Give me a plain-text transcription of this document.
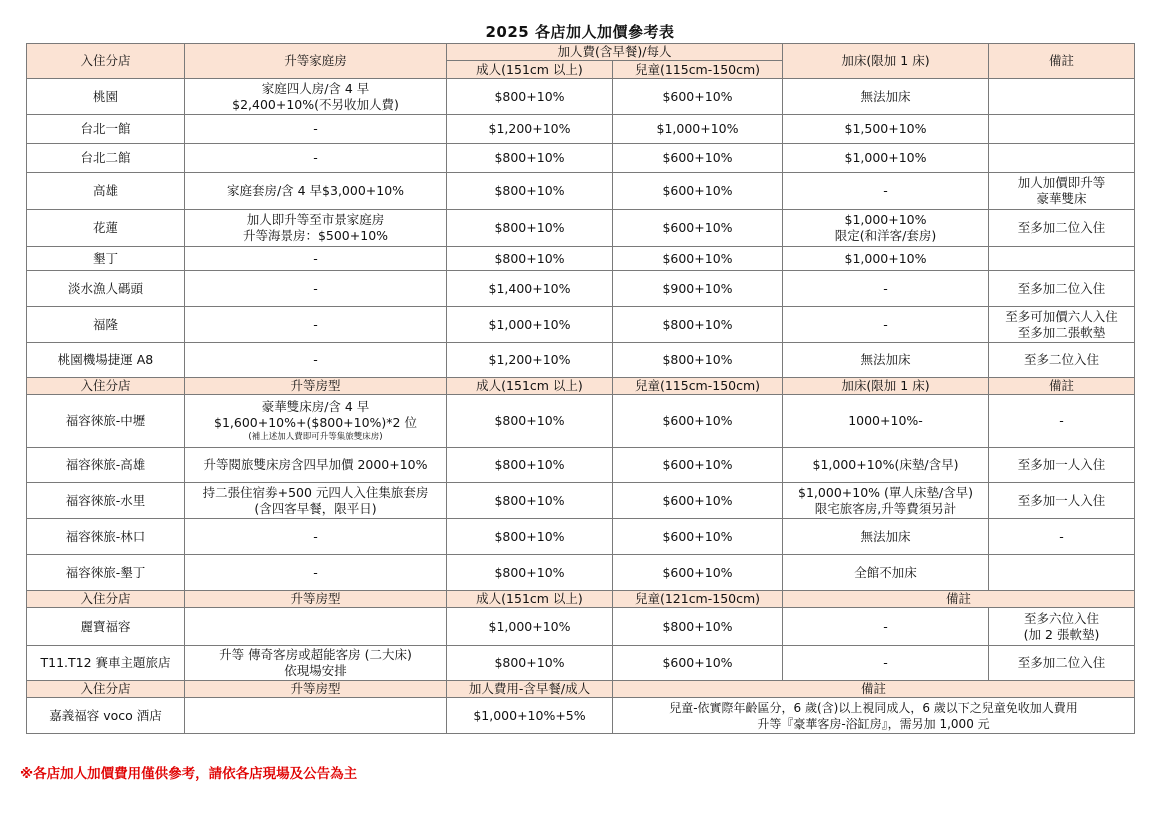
2025 各店加人加價參考表
入住分店	升等家庭房	加人費(含早餐)/每人		加床(限加 1 床)	備註
		成人(151cm 以上)	兒童(115cm-150cm)		
桃園	家庭四人房/含 4 早
$2,400+10%(不另收加人費)	$800+10%	$600+10%	無法加床	

台北一館	-	$1,200+10%	$1,000+10%	$1,500+10%	

台北二館	-	$800+10%	$600+10%	$1,000+10%	

高雄	家庭套房/含 4 早$3,000+10%	$800+10%	$600+10%	-	加人加價即升等
豪華雙床

花蓮	加人即升等至市景家庭房
升等海景房：$500+10%	$800+10%	$600+10%	$1,000+10%
限定(和洋客/套房)	至多加二位入住

墾丁	-	$800+10%	$600+10%	$1,000+10%	

淡水漁人碼頭	-	$1,400+10%	$900+10%	-	至多加二位入住

福隆	-	$1,000+10%	$800+10%	-	至多可加價六人入住
至多加二張軟墊

桃園機場捷運 A8	-	$1,200+10%	$800+10%	無法加床	至多二位入住

入住分店	升等房型	成人(151cm 以上)	兒童(115cm-150cm)	加床(限加 1 床)	備註
福容徠旅-中壢	豪華雙床房/含 4 早
$1,600+10%+($800+10%)*2 位
(補上述加人費即可升等集旅雙床房)	$800+10%	$600+10%	1000+10%-	-

福容徠旅-高雄	升等閱旅雙床房含四早加價 2000+10%	$800+10%	$600+10%	$1,000+10%(床墊/含早)	至多加一人入住

福容徠旅-水里	持二張住宿劵+500 元四人入住集旅套房
(含四客早餐，限平日)	$800+10%	$600+10%	$1,000+10% (單人床墊/含早)
限宅旅客房,升等費須另計	至多加一人入住

福容徠旅-林口	-	$800+10%	$600+10%	無法加床	-

福容徠旅-墾丁	-	$800+10%	$600+10%	全館不加床	

入住分店	升等房型	成人(151cm 以上)	兒童(121cm-150cm)	備註	
麗寶福容		$1,000+10%	$800+10%	-	至多六位入住
(加 2 張軟墊)

T11.T12 賽車主題旅店	升等 傳奇客房或超能客房 (二大床)
依現場安排	$800+10%	$600+10%	-	至多加二位入住

入住分店	升等房型	加人費用-含早餐/成人	備註		
嘉義福容 voco 酒店		$1,000+10%+5%	兒童-依實際年齡區分，6 歲(含)以上視同成人，6 歲以下之兒童免收加人費用
升等『豪華客房-浴缸房』，需另加 1,000 元		
※各店加人加價費用僅供參考，請依各店現場及公告為主
